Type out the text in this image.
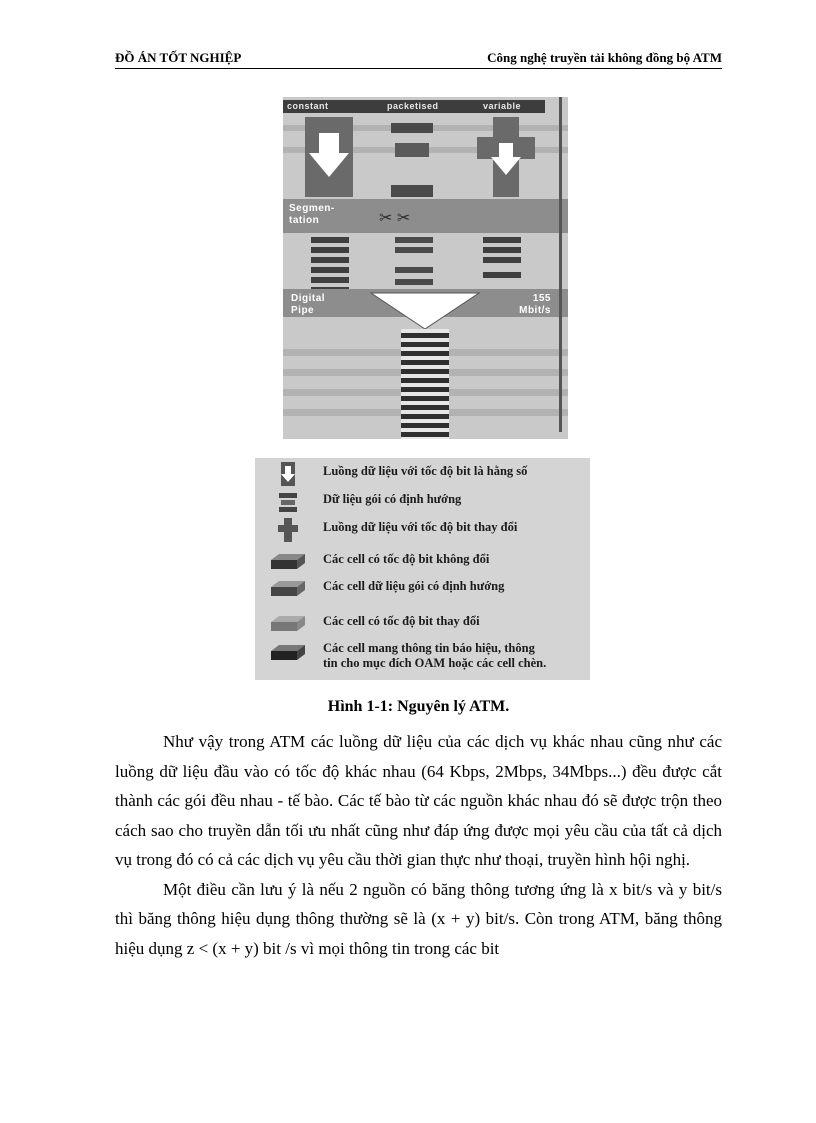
ĐỒ ÁN TỐT NGHIỆP	Công nghệ truyền tải không đồng bộ ATM
✂ ✂
constant	packetised	variable
Segmen-tation
Digital Pipe
155 Mbit/s
Luồng dữ liệu với tốc độ bit là hằng số
Dữ liệu gói có định hướng
Luồng dữ liệu với tốc độ bit thay đổi
Các cell có tốc độ bit không đổi
Các cell dữ liệu gói có định hướng
Các cell có tốc độ bit thay đổi
Các cell mang thông tin báo hiệu, thông
tin cho mục đích OAM hoặc các cell chèn.
Hình 1-1: Nguyên lý ATM.

Như vậy trong ATM các luồng dữ liệu của các dịch vụ khác nhau cũng như các luồng dữ liệu đầu vào có tốc độ khác nhau (64 Kbps, 2Mbps, 34Mbps...) đều được cắt thành các gói đều nhau - tế bào. Các tế bào từ các nguồn khác nhau đó sẽ được trộn theo cách sao cho truyền dẫn tối ưu nhất cũng như đáp ứng được mọi yêu cầu của tất cả dịch vụ trong đó có cả các dịch vụ yêu cầu thời gian thực như thoại, truyền hình hội nghị.

Một điều cần lưu ý là nếu 2 nguồn có băng thông tương ứng là x bit/s và y bit/s thì băng thông hiệu dụng thông thường sẽ là (x + y) bit/s. Còn trong ATM, băng thông hiệu dụng z < (x + y) bit /s vì mọi thông tin trong các bit
